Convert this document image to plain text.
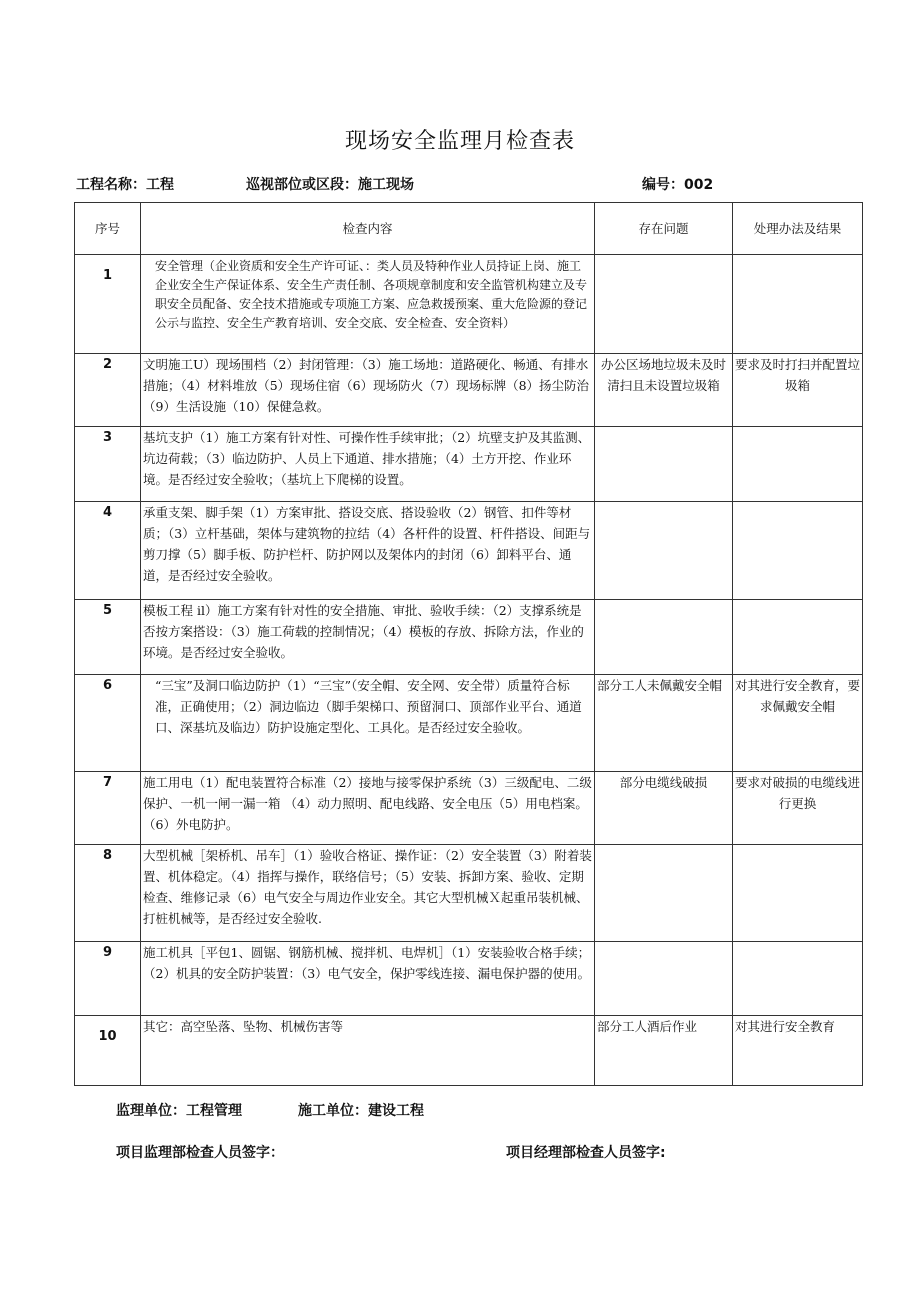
现场安全监理月检查表
工程名称：工程	巡视部位或区段：施工现场	编号：002
序号	检查内容	存在问题	处理办法及结果
1	安全管理（企业资质和安全生产许可证、：类人员及特种作业人员持证上岗、施工企业安全生产保证体系、安全生产责任制、各项规章制度和安全监管机构建立及专职安全员配备、安全技术措施或专项施工方案、应急救援预案、重大危险源的登记公示与监控、安全生产教育培训、安全交底、安全检查、安全资料）		
2	文明施工U）现场围档（2）封闭管理：（3）施工场地：道路硬化、畅通、有排水措施；（4）材料堆放（5）现场住宿（6）现场防火（7）现场标牌（8）扬尘防治（9）生活设施（10）保健急救。	办公区场地垃圾未及时清扫且未设置垃圾箱	要求及时打扫并配置垃圾箱
3	基坑支护（1）施工方案有针对性、可操作性手续审批；（2）坑壁支护及其监测、坑边荷载；（3）临边防护、人员上下通道、排水措施；（4）土方开挖、作业环境。是否经过安全验收；（基坑上下爬梯的设置。		
4	承重支架、脚手架（1）方案审批、搭设交底、搭设验收（2）钢管、扣件等材质；（3）立杆基础，架体与建筑物的拉结（4）各杆件的设置、杆件搭设、间距与剪刀撑（5）脚手板、防护栏杆、防护网以及架体内的封闭（6）卸料平台、通道，是否经过安全验收。		
5	模板工程 il）施工方案有针对性的安全措施、审批、验收手续：（2）支撑系统是否按方案搭设：（3）施工荷载的控制情况；（4）模板的存放、拆除方法，作业的环境。是否经过安全验收。		
6	“三宝”及洞口临边防护（1）“三宝”（安全帽、安全网、安全带）质量符合标准，正确使用；（2）洞边临边（脚手架梯口、预留洞口、顶部作业平台、通道口、深基坑及临边）防护设施定型化、工具化。是否经过安全验收。	部分工人未佩戴安全帽	对其进行安全教育，要求佩戴安全帽
7	施工用电（1）配电装置符合标准（2）接地与接零保护系统（3）三级配电、二级保护、一机一闸一漏一箱 （4）动力照明、配电线路、安全电压（5）用电档案。（6）外电防护。	部分电缆线破损	要求对破损的电缆线进行更换
8	大型机械［架桥机、吊车］（1）验收合格证、操作证：（2）安全装置（3）附着装置、机体稳定。（4）指挥与操作，联络信号；（5）安装、拆卸方案、验收、定期检查、维修记录（6）电气安全与周边作业安全。其它大型机械Ｘ起重吊装机械、打桩机械等，是否经过安全验收.		
9	施工机具［平包1、圆锯、钢筋机械、搅拌机、电焊机］（1）安装验收合格手续；（2）机具的安全防护装置：（3）电气安全，保护零线连接、漏电保护器的使用。		
10	其它：高空坠落、坠物、机械伤害等	部分工人酒后作业	对其进行安全教育
监理单位：工程管理	施工单位：建设工程
项目监理部检查人员签字：	项目经理部检查人员签字:
